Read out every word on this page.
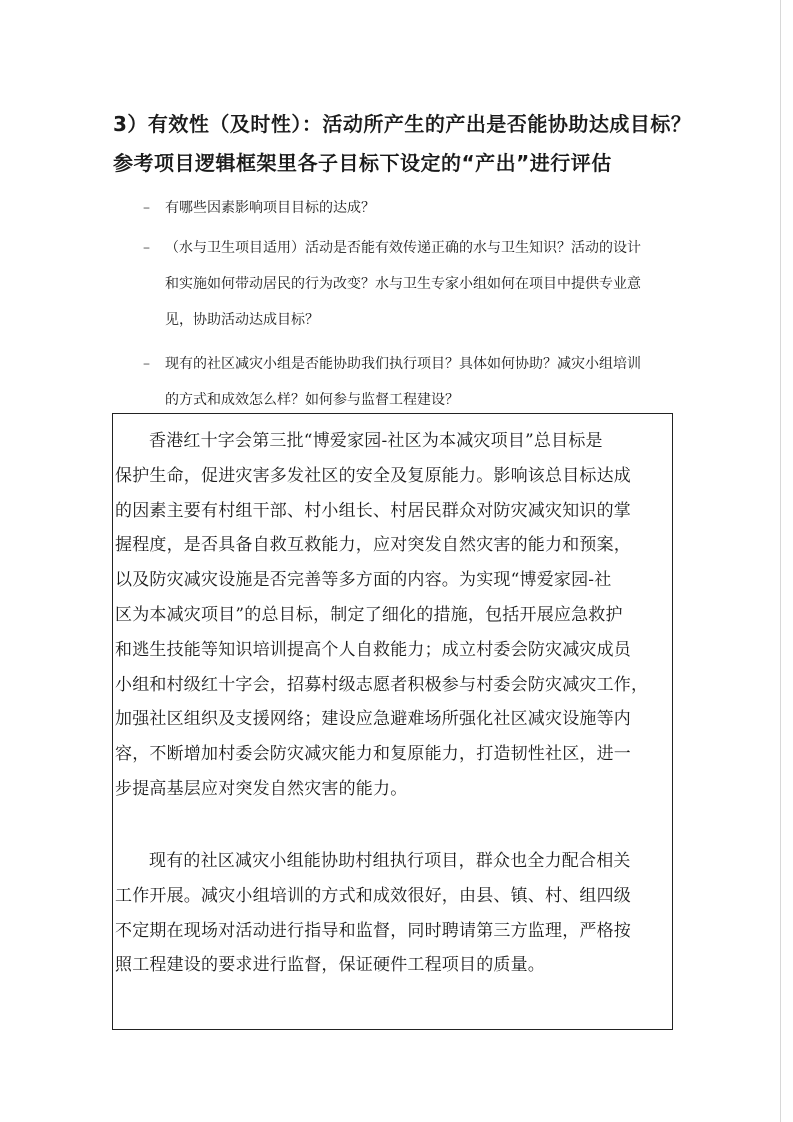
3）有效性（及时性）：活动所产生的产出是否能协助达成目标？
参考项目逻辑框架里各子目标下设定的“产出”进行评估
– 有哪些因素影响项目目标的达成？
– （水与卫生项目适用）活动是否能有效传递正确的水与卫生知识？活动的设计
和实施如何带动居民的行为改变？水与卫生专家小组如何在项目中提供专业意
见，协助活动达成目标？
– 现有的社区减灾小组是否能协助我们执行项目？具体如何协助？减灾小组培训
的方式和成效怎么样？如何参与监督工程建设？
香港红十字会第三批“博爱家园-社区为本减灾项目”总目标是
保护生命，促进灾害多发社区的安全及复原能力。影响该总目标达成
的因素主要有村组干部、村小组长、村居民群众对防灾减灾知识的掌
握程度，是否具备自救互救能力，应对突发自然灾害的能力和预案，
以及防灾减灾设施是否完善等多方面的内容。为实现“博爱家园-社
区为本减灾项目”的总目标，制定了细化的措施，包括开展应急救护
和逃生技能等知识培训提高个人自救能力；成立村委会防灾减灾成员
小组和村级红十字会，招募村级志愿者积极参与村委会防灾减灾工作，
加强社区组织及支援网络；建设应急避难场所强化社区减灾设施等内
容，不断增加村委会防灾减灾能力和复原能力，打造韧性社区，进一
步提高基层应对突发自然灾害的能力。
现有的社区减灾小组能协助村组执行项目，群众也全力配合相关
工作开展。减灾小组培训的方式和成效很好，由县、镇、村、组四级
不定期在现场对活动进行指导和监督，同时聘请第三方监理，严格按
照工程建设的要求进行监督，保证硬件工程项目的质量。
